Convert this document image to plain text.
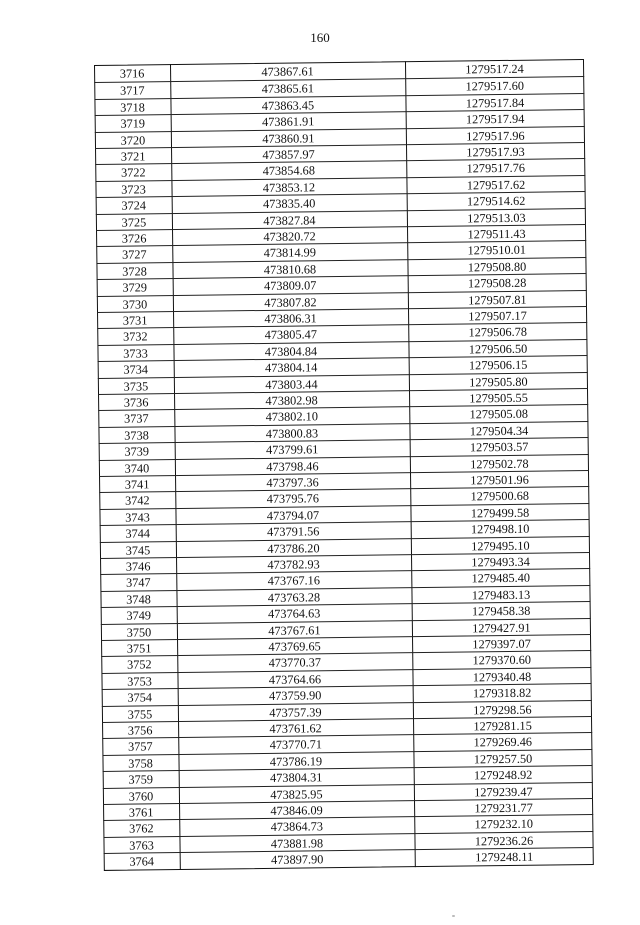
160
3716	473867.61	1279517.24
3717	473865.61	1279517.60
3718	473863.45	1279517.84
3719	473861.91	1279517.94
3720	473860.91	1279517.96
3721	473857.97	1279517.93
3722	473854.68	1279517.76
3723	473853.12	1279517.62
3724	473835.40	1279514.62
3725	473827.84	1279513.03
3726	473820.72	1279511.43
3727	473814.99	1279510.01
3728	473810.68	1279508.80
3729	473809.07	1279508.28
3730	473807.82	1279507.81
3731	473806.31	1279507.17
3732	473805.47	1279506.78
3733	473804.84	1279506.50
3734	473804.14	1279506.15
3735	473803.44	1279505.80
3736	473802.98	1279505.55
3737	473802.10	1279505.08
3738	473800.83	1279504.34
3739	473799.61	1279503.57
3740	473798.46	1279502.78
3741	473797.36	1279501.96
3742	473795.76	1279500.68
3743	473794.07	1279499.58
3744	473791.56	1279498.10
3745	473786.20	1279495.10
3746	473782.93	1279493.34
3747	473767.16	1279485.40
3748	473763.28	1279483.13
3749	473764.63	1279458.38
3750	473767.61	1279427.91
3751	473769.65	1279397.07
3752	473770.37	1279370.60
3753	473764.66	1279340.48
3754	473759.90	1279318.82
3755	473757.39	1279298.56
3756	473761.62	1279281.15
3757	473770.71	1279269.46
3758	473786.19	1279257.50
3759	473804.31	1279248.92
3760	473825.95	1279239.47
3761	473846.09	1279231.77
3762	473864.73	1279232.10
3763	473881.98	1279236.26
3764	473897.90	1279248.11
